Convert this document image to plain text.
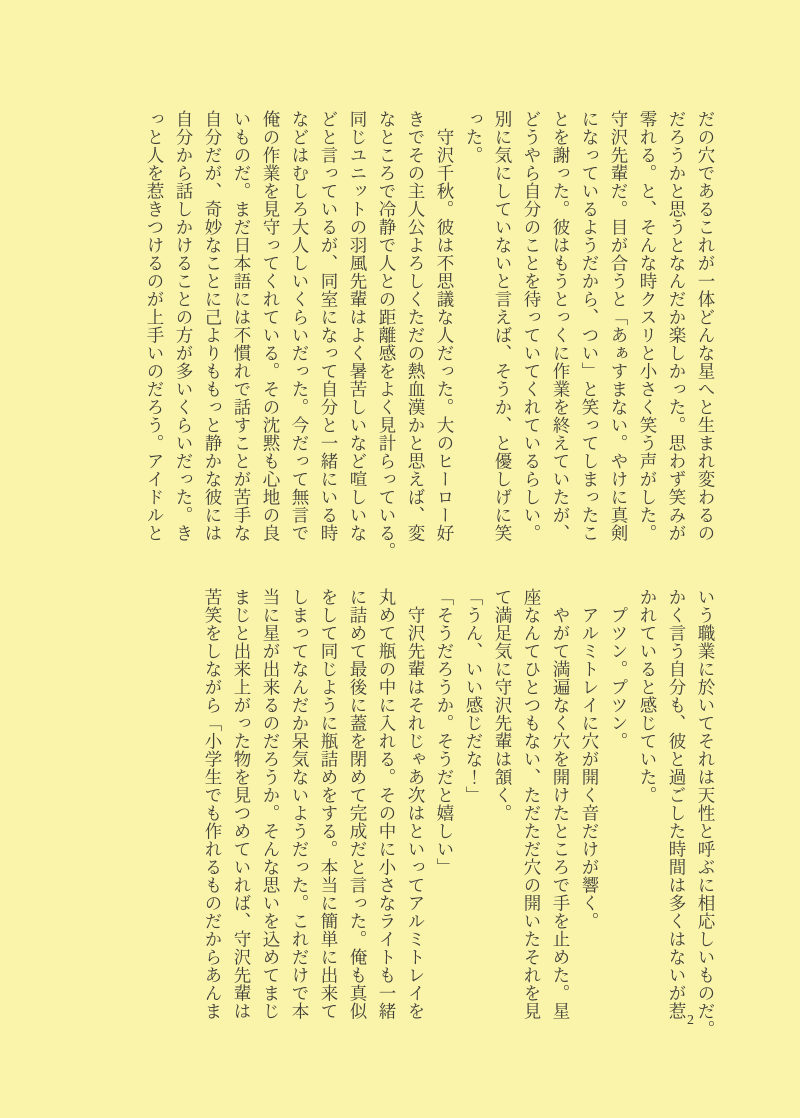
だの穴であるこれが一体どんな星へと生まれ変わるの

だろうかと思うとなんだか楽しかった。思わず笑みが

零れる。と、そんな時クスリと小さく笑う声がした。

守沢先輩だ。目が合うと「あぁすまない。やけに真剣

になっているようだから、つい」と笑ってしまったこ

とを謝った。彼はもうとっくに作業を終えていたが、

どうやら自分のことを待っていてくれているらしい。

別に気にしていないと言えば、そうか、と優しげに笑

った。

　守沢千秋。彼は不思議な人だった。大のヒーロー好

きでその主人公よろしくただの熱血漢かと思えば、変

なところで冷静で人との距離感をよく見計らっている。

同じユニットの羽風先輩はよく暑苦しいなど喧しいな

どと言っているが、同室になって自分と一緒にいる時

などはむしろ大人しいくらいだった。今だって無言で

俺の作業を見守ってくれている。その沈黙も心地の良

いものだ。まだ日本語には不慣れで話すことが苦手な

自分だが、奇妙なことに己よりももっと静かな彼には

自分から話しかけることの方が多いくらいだった。き

っと人を惹きつけるのが上手いのだろう。アイドルと

いう職業に於いてそれは天性と呼ぶに相応しいものだ。

かく言う自分も、彼と過ごした時間は多くはないが惹

かれていると感じていた。

　プツン。プツン。

　アルミトレイに穴が開く音だけが響く。

　やがて満遍なく穴を開けたところで手を止めた。星

座なんてひとつもない、ただただ穴の開いたそれを見

て満足気に守沢先輩は頷く。

「うん、いい感じだな！」

「そうだろうか。そうだと嬉しい」

　守沢先輩はそれじゃあ次はといってアルミトレイを

丸めて瓶の中に入れる。その中に小さなライトも一緒

に詰めて最後に蓋を閉めて完成だと言った。俺も真似

をして同じように瓶詰めをする。本当に簡単に出来て

しまってなんだか呆気ないようだった。これだけで本

当に星が出来るのだろうか。そんな思いを込めてまじ

まじと出来上がった物を見つめていれば、守沢先輩は

苦笑をしながら「小学生でも作れるものだからあんま

2
